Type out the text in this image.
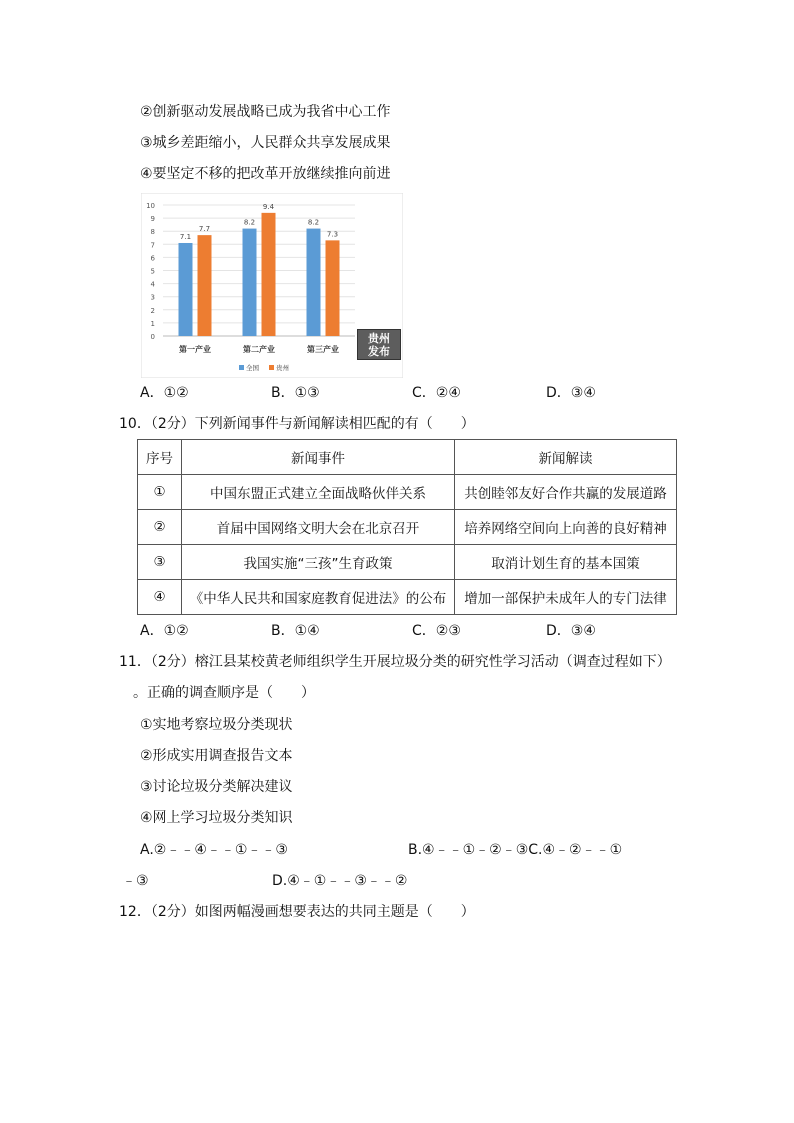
②创新驱动发展战略已成为我省中心工作
③城乡差距缩小，人民群众共享发展成果
④要坚定不移的把改革开放继续推向前进
0
1
2
3
4
5
6
7
8
9
10
7.1
7.7
8.2
9.4
8.2
7.3
第一产业	第二产业	第三产业
全国	贵州
贵州
发布
A．①②	B．①③	C．②④	D．③④
10．（2分）下列新闻事件与新闻解读相匹配的有（　　）
序号	新闻事件	新闻解读
①	中国东盟正式建立全面战略伙伴关系	共创睦邻友好合作共赢的发展道路
②	首届中国网络文明大会在北京召开	培养网络空间向上向善的良好精神
③	我国实施“三孩”生育政策	取消计划生育的基本国策
④	《中华人民共和国家庭教育促进法》的公布	增加一部保护未成年人的专门法律
A．①②	B．①④	C．②③	D．③④
11．（2分）榕江县某校黄老师组织学生开展垃圾分类的研究性学习活动（调查过程如下）
。正确的调查顺序是（　　）
①实地考察垃圾分类现状
②形成实用调查报告文本
③讨论垃圾分类解决建议
④网上学习垃圾分类知识
A.②﹣﹣④﹣﹣①﹣﹣③	B.④﹣﹣①﹣②﹣③C.④﹣②﹣﹣①
﹣③	D.④﹣①﹣﹣③﹣﹣②
12．（2分）如图两幅漫画想要表达的共同主题是（　　）
